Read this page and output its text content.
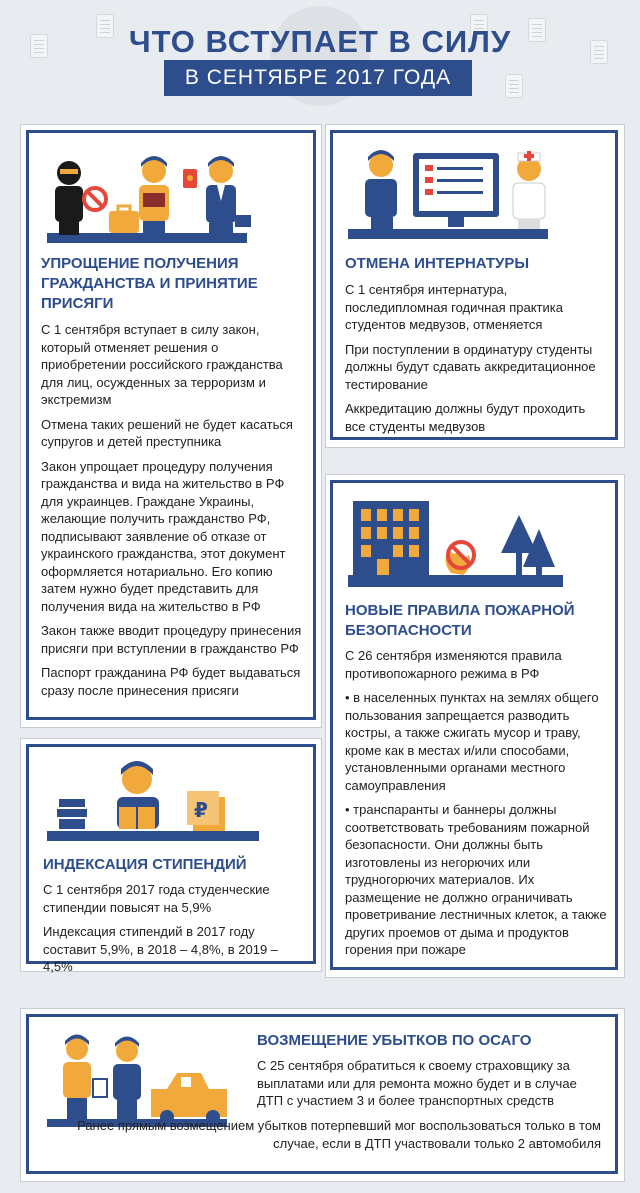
ЧТО ВСТУПАЕТ В СИЛУ
В СЕНТЯБРЕ 2017 ГОДА
УПРОЩЕНИЕ ПОЛУЧЕНИЯ ГРАЖДАНСТВА И ПРИНЯТИЕ ПРИСЯГИ

С 1 сентября вступает в силу закон, который отменяет решения о приобретении российского гражданства для лиц, осужденных за терроризм и экстремизм

Отмена таких решений не будет касаться супругов и детей преступника

Закон упрощает процедуру получения гражданства и вида на жительство в РФ для украинцев. Граждане Украины, желающие получить гражданство РФ, подписывают заявление об отказе от украинского гражданства, этот документ оформляется нотариально. Его копию затем нужно будет представить для получения вида на жительство в РФ

Закон также вводит процедуру принесения присяги при вступлении в гражданство РФ

Паспорт гражданина РФ будет выдаваться сразу после принесения присяги

ОТМЕНА ИНТЕРНАТУРЫ

С 1 сентября интернатура, последипломная годичная практика студентов медвузов, отменяется

При поступлении в ординатуру студенты должны будут сдавать аккредитационное тестирование

Аккредитацию должны будут проходить все студенты медвузов

НОВЫЕ ПРАВИЛА ПОЖАРНОЙ БЕЗОПАСНОСТИ

С 26 сентября изменяются правила противопожарного режима в РФ

• в населенных пунктах на землях общего пользования запрещается разводить костры, а также сжигать мусор и траву, кроме как в местах и/или способами, установленными органами местного самоуправления

• транспаранты и баннеры должны соответствовать требованиям пожарной безопасности. Они должны быть изготовлены из негорючих или трудногорючих материалов. Их размещение не должно ограничивать проветривание лестничных клеток, а также других проемов от дыма и продуктов горения при пожаре

₽
ИНДЕКСАЦИЯ СТИПЕНДИЙ

С 1 сентября 2017 года студенческие стипендии повысят на 5,9%

Индексация стипендий в 2017 году составит 5,9%, в 2018 – 4,8%, в 2019 – 4,5%

ВОЗМЕЩЕНИЕ УБЫТКОВ ПО ОСАГО

С 25 сентября обратиться к своему страховщику за выплатами или для ремонта можно будет и в случае ДТП с участием 3 и более транспортных средств

Ранее прямым возмещением убытков потерпевший мог воспользоваться только в том случае, если в ДТП участвовали только 2 автомобиля
